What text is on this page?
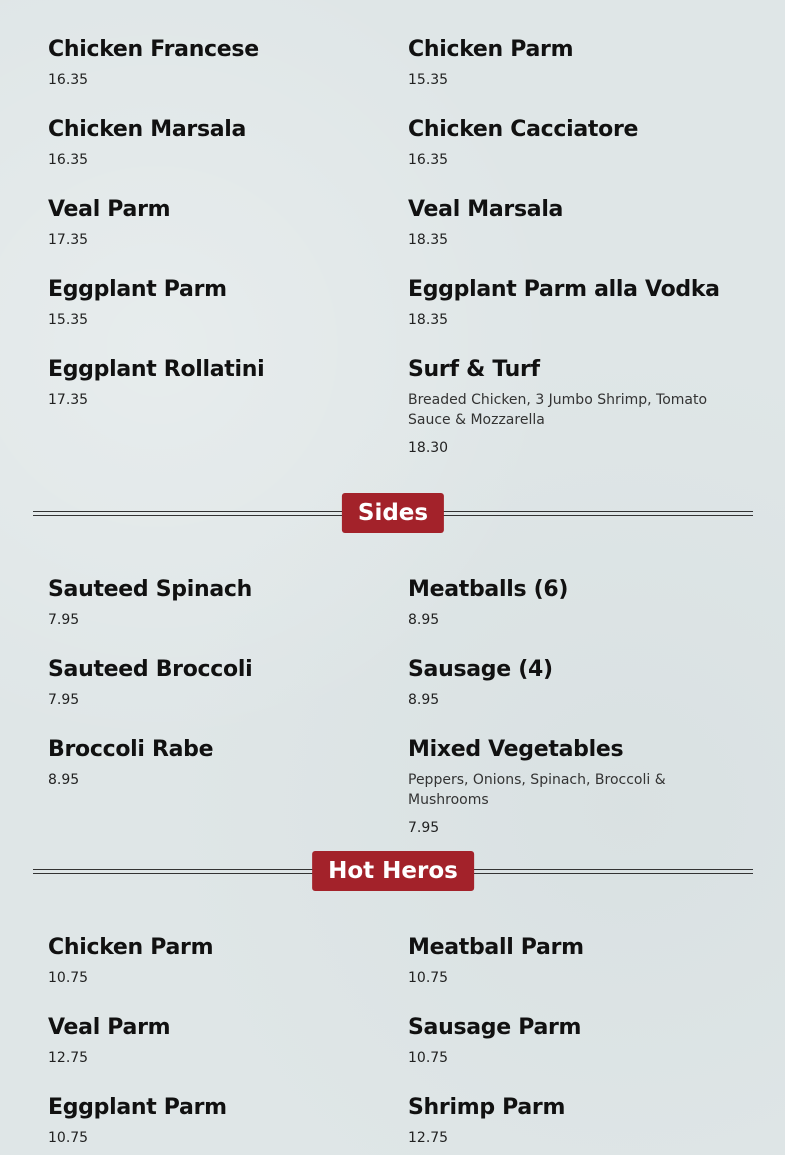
Chicken Francese
16.35
Chicken Parm
15.35
Chicken Marsala
16.35
Chicken Cacciatore
16.35
Veal Parm
17.35
Veal Marsala
18.35
Eggplant Parm
15.35
Eggplant Parm alla Vodka
18.35
Eggplant Rollatini
17.35
Surf & Turf
Breaded Chicken, 3 Jumbo Shrimp, Tomato Sauce & Mozzarella
18.30
Sides
Sauteed Spinach
7.95
Meatballs (6)
8.95
Sauteed Broccoli
7.95
Sausage (4)
8.95
Broccoli Rabe
8.95
Mixed Vegetables
Peppers, Onions, Spinach, Broccoli & Mushrooms
7.95
Hot Heros
Chicken Parm
10.75
Meatball Parm
10.75
Veal Parm
12.75
Sausage Parm
10.75
Eggplant Parm
10.75
Shrimp Parm
12.75
